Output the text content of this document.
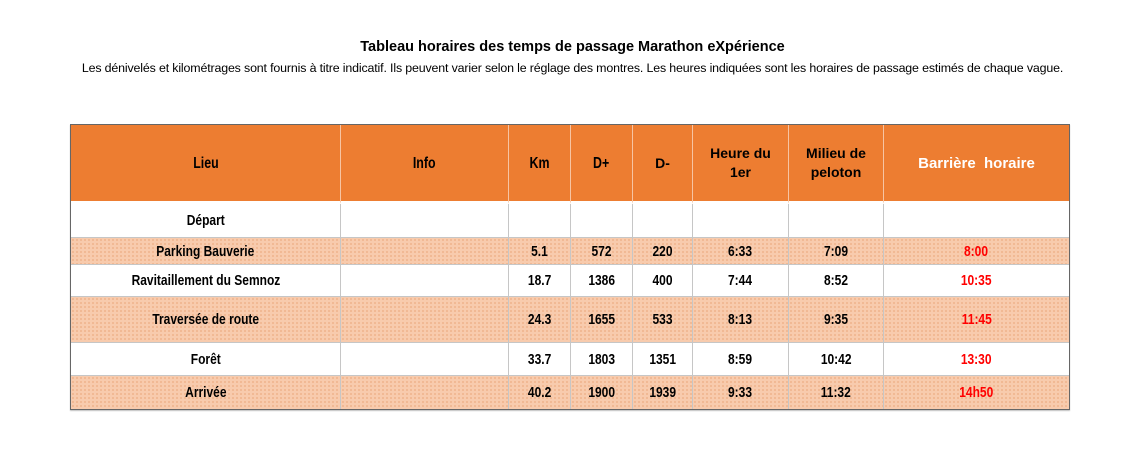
Tableau horaires des temps de passage Marathon eXpérience
Les dénivelés et kilométrages sont fournis à titre indicatif. Ils peuvent varier selon le réglage des montres. Les heures indiquées sont les horaires de passage estimés de chaque vague.
Lieu	Info	Km	D+	D-	Heure du 1er	Milieu de peloton	Barrière  horaire
Départ							
Parking Bauverie		5.1	572	220	6:33	7:09	8:00
Ravitaillement du Semnoz		18.7	1386	400	7:44	8:52	10:35
Traversée de route		24.3	1655	533	8:13	9:35	11:45
Forêt		33.7	1803	1351	8:59	10:42	13:30
Arrivée		40.2	1900	1939	9:33	11:32	14h50
